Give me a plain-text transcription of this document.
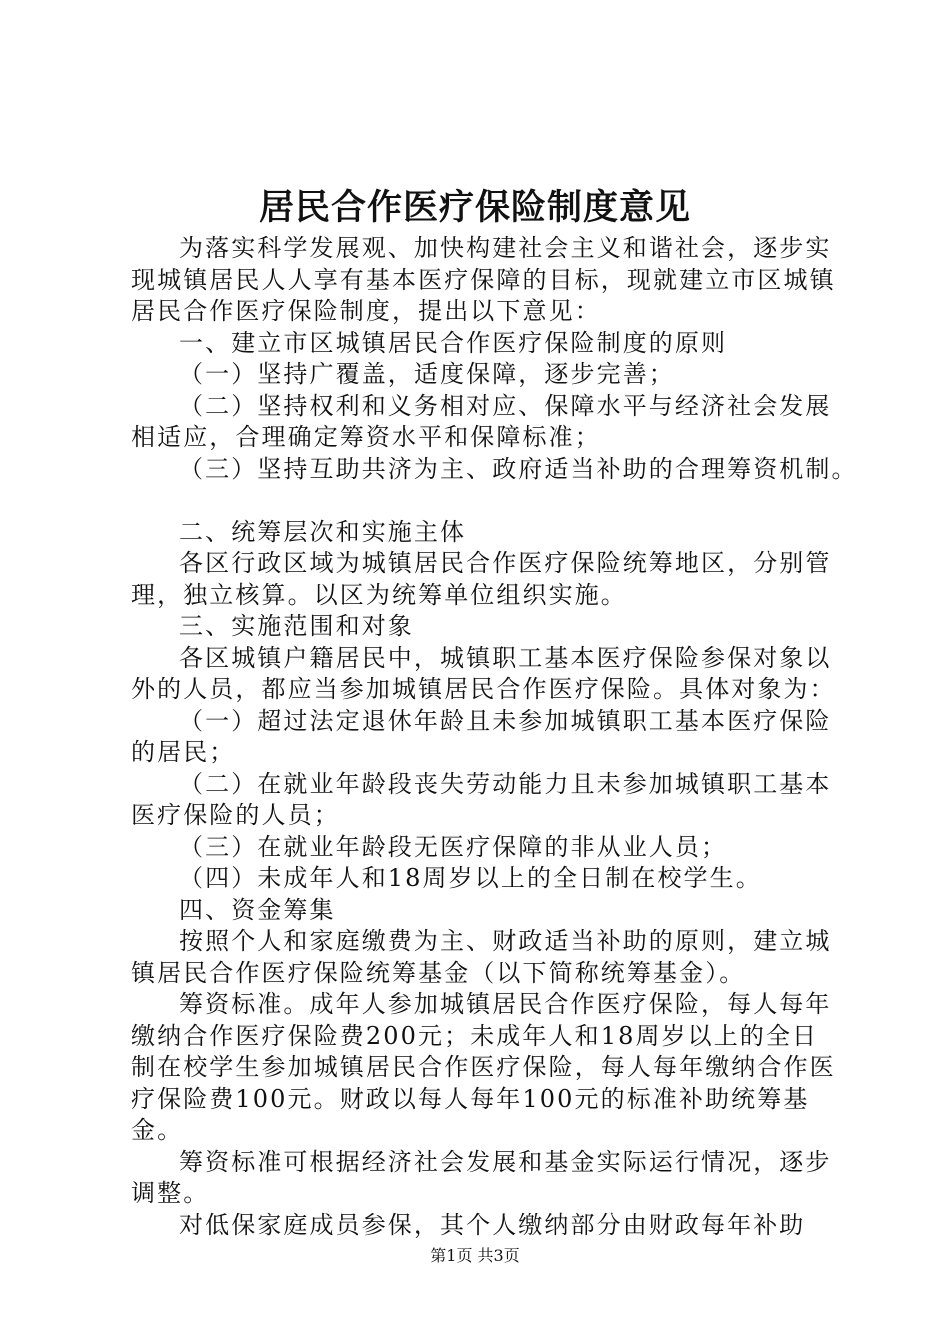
居民合作医疗保险制度意见

为落实科学发展观、加快构建社会主义和谐社会，逐步实现城镇居民人人享有基本医疗保障的目标，现就建立市区城镇居民合作医疗保险制度，提出以下意见：

一、建立市区城镇居民合作医疗保险制度的原则

（一）坚持广覆盖，适度保障，逐步完善；

（二）坚持权利和义务相对应、保障水平与经济社会发展相适应，合理确定筹资水平和保障标准；

（三）坚持互助共济为主、政府适当补助的合理筹资机制。

二、统筹层次和实施主体

各区行政区域为城镇居民合作医疗保险统筹地区，分别管理，独立核算。以区为统筹单位组织实施。

三、实施范围和对象

各区城镇户籍居民中，城镇职工基本医疗保险参保对象以外的人员，都应当参加城镇居民合作医疗保险。具体对象为：

（一）超过法定退休年龄且未参加城镇职工基本医疗保险的居民；

（二）在就业年龄段丧失劳动能力且未参加城镇职工基本医疗保险的人员；

（三）在就业年龄段无医疗保障的非从业人员；

（四）未成年人和18周岁以上的全日制在校学生。

四、资金筹集

按照个人和家庭缴费为主、财政适当补助的原则，建立城镇居民合作医疗保险统筹基金（以下简称统筹基金）。

筹资标准。成年人参加城镇居民合作医疗保险，每人每年缴纳合作医疗保险费200元；未成年人和18周岁以上的全日制在校学生参加城镇居民合作医疗保险，每人每年缴纳合作医疗保险费100元。财政以每人每年100元的标准补助统筹基金。

筹资标准可根据经济社会发展和基金实际运行情况，逐步调整。

对低保家庭成员参保，其个人缴纳部分由财政每年补助

第1页 共3页
